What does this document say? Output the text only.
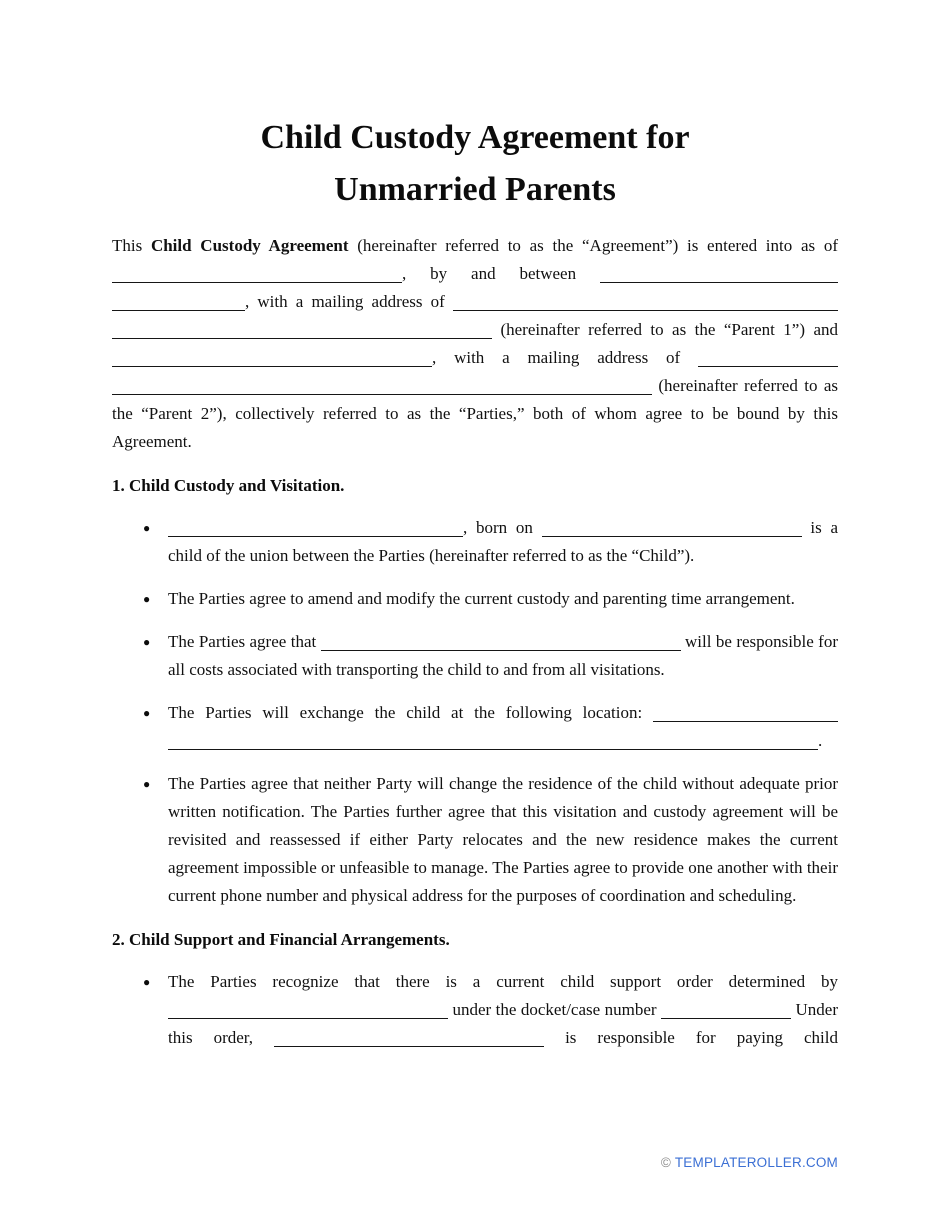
Child Custody Agreement for
Unmarried Parents

This Child Custody Agreement (hereinafter referred to as the “Agreement”) is entered into as of , by and between  , with a mailing address of   (hereinafter referred to as the “Parent 1”) and , with a mailing address of   (hereinafter referred to as the “Parent 2”), collectively referred to as the “Parties,” both of whom agree to be bound by this Agreement.

1. Child Custody and Visitation.
●	, born on	is a child of the union between the Parties (hereinafter referred to as the “Child”).
● The Parties agree to amend and modify the current custody and parenting time arrangement.
● The Parties agree that	will be responsible for all costs associated with transporting the child to and from all visitations.
● The Parties will exchange the child at the following location:  .
● The Parties agree that neither Party will change the residence of the child without adequate prior written notification. The Parties further agree that this visitation and custody agreement will be revisited and reassessed if either Party relocates and the new residence makes the current agreement impossible or unfeasible to manage. The Parties agree to provide one another with their current phone number and physical address for the purposes of coordination and scheduling.
2. Child Support and Financial Arrangements.
● The Parties recognize that there is a current child support order determined by  under the docket/case number	Under this order,	is responsible for paying child
© TEMPLATEROLLER.COM
